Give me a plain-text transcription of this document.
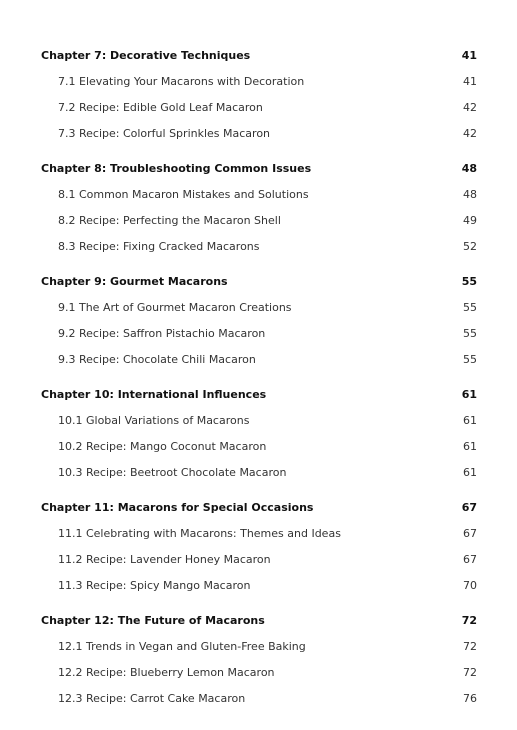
Chapter 7: Decorative Techniques	41
7.1 Elevating Your Macarons with Decoration	41
7.2 Recipe: Edible Gold Leaf Macaron	42
7.3 Recipe: Colorful Sprinkles Macaron	42
Chapter 8: Troubleshooting Common Issues	48
8.1 Common Macaron Mistakes and Solutions	48
8.2 Recipe: Perfecting the Macaron Shell	49
8.3 Recipe: Fixing Cracked Macarons	52
Chapter 9: Gourmet Macarons	55
9.1 The Art of Gourmet Macaron Creations	55
9.2 Recipe: Saffron Pistachio Macaron	55
9.3 Recipe: Chocolate Chili Macaron	55
Chapter 10: International Influences	61
10.1 Global Variations of Macarons	61
10.2 Recipe: Mango Coconut Macaron	61
10.3 Recipe: Beetroot Chocolate Macaron	61
Chapter 11: Macarons for Special Occasions	67
11.1 Celebrating with Macarons: Themes and Ideas	67
11.2 Recipe: Lavender Honey Macaron	67
11.3 Recipe: Spicy Mango Macaron	70
Chapter 12: The Future of Macarons	72
12.1 Trends in Vegan and Gluten-Free Baking	72
12.2 Recipe: Blueberry Lemon Macaron	72
12.3 Recipe: Carrot Cake Macaron	76
